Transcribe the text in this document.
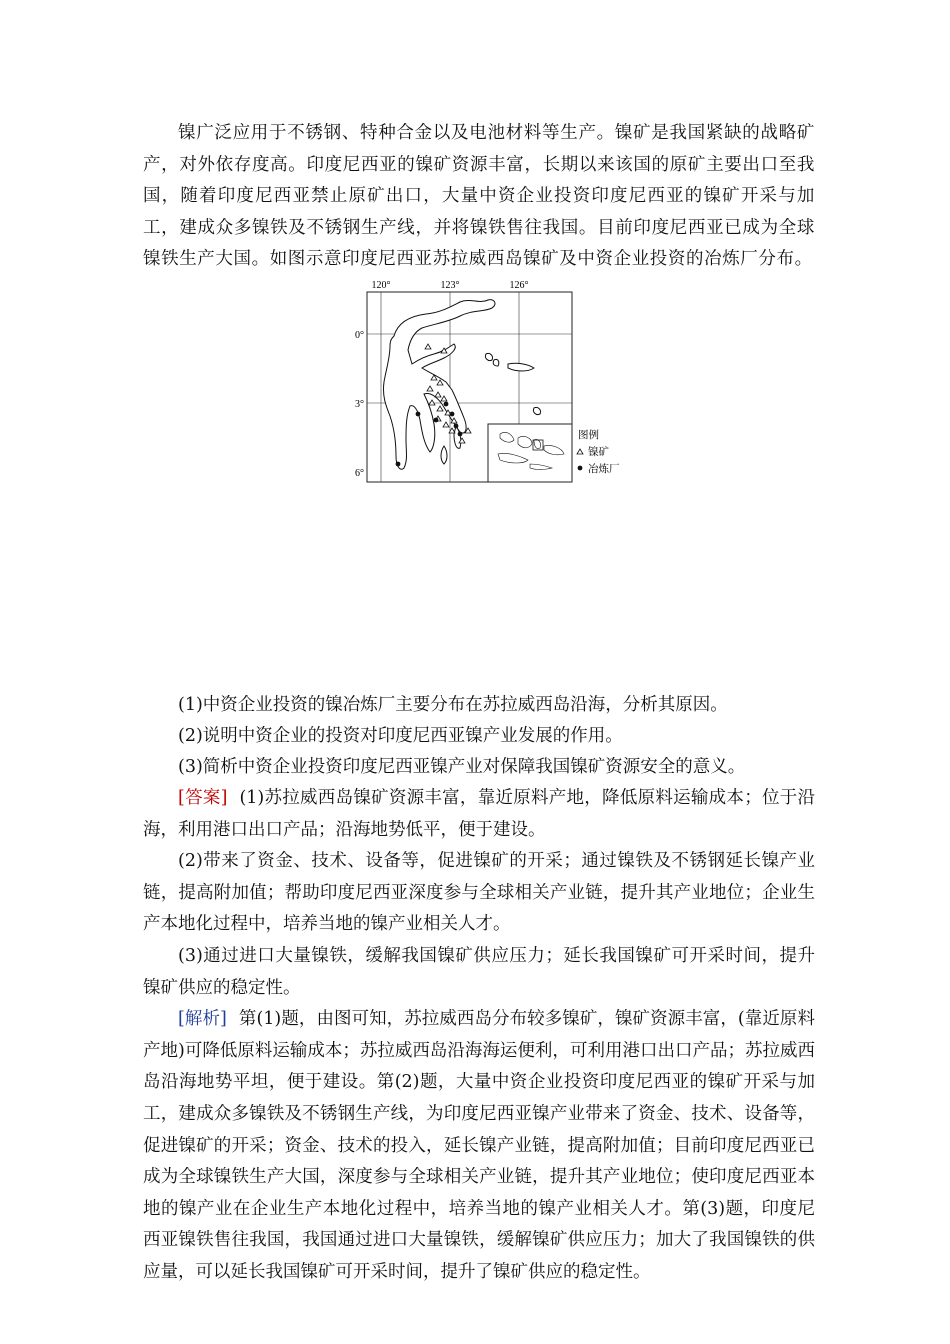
镍广泛应用于不锈钢、特种合金以及电池材料等生产。镍矿是我国紧缺的战略矿产，对外依存度高。印度尼西亚的镍矿资源丰富，长期以来该国的原矿主要出口至我国，随着印度尼西亚禁止原矿出口，大量中资企业投资印度尼西亚的镍矿开采与加工，建成众多镍铁及不锈钢生产线，并将镍铁售往我国。目前印度尼西亚已成为全球镍铁生产大国。如图示意印度尼西亚苏拉威西岛镍矿及中资企业投资的冶炼厂分布。

120°	123°	126°
0°
3°
6°
图例
镍矿
冶炼厂

(1)中资企业投资的镍冶炼厂主要分布在苏拉威西岛沿海，分析其原因。

(2)说明中资企业的投资对印度尼西亚镍产业发展的作用。

(3)简析中资企业投资印度尼西亚镍产业对保障我国镍矿资源安全的意义。

[答案] (1)苏拉威西岛镍矿资源丰富，靠近原料产地，降低原料运输成本；位于沿海，利用港口出口产品；沿海地势低平，便于建设。

(2)带来了资金、技术、设备等，促进镍矿的开采；通过镍铁及不锈钢延长镍产业链，提高附加值；帮助印度尼西亚深度参与全球相关产业链，提升其产业地位；企业生产本地化过程中，培养当地的镍产业相关人才。

(3)通过进口大量镍铁，缓解我国镍矿供应压力；延长我国镍矿可开采时间，提升镍矿供应的稳定性。

[解析] 第(1)题，由图可知，苏拉威西岛分布较多镍矿，镍矿资源丰富，(靠近原料产地)可降低原料运输成本；苏拉威西岛沿海海运便利，可利用港口出口产品；苏拉威西岛沿海地势平坦，便于建设。第(2)题，大量中资企业投资印度尼西亚的镍矿开采与加工，建成众多镍铁及不锈钢生产线，为印度尼西亚镍产业带来了资金、技术、设备等，促进镍矿的开采；资金、技术的投入，延长镍产业链，提高附加值；目前印度尼西亚已成为全球镍铁生产大国，深度参与全球相关产业链，提升其产业地位；使印度尼西亚本地的镍产业在企业生产本地化过程中，培养当地的镍产业相关人才。第(3)题，印度尼西亚镍铁售往我国，我国通过进口大量镍铁，缓解镍矿供应压力；加大了我国镍铁的供应量，可以延长我国镍矿可开采时间，提升了镍矿供应的稳定性。
